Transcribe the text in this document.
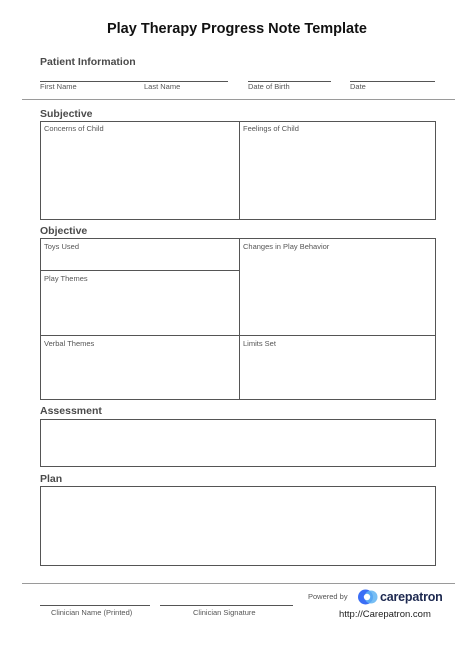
Play Therapy Progress Note Template
Patient Information
First Name	Last Name	Date of Birth	Date
Subjective
Concerns of Child	Feelings of Child
Objective
Toys Used	Changes in Play Behavior
Play Themes
Verbal Themes	Limits Set
Assessment
Plan
Powered by	carepatron
Clinician Name (Printed)	Clinician Signature	http://Carepatron.com
